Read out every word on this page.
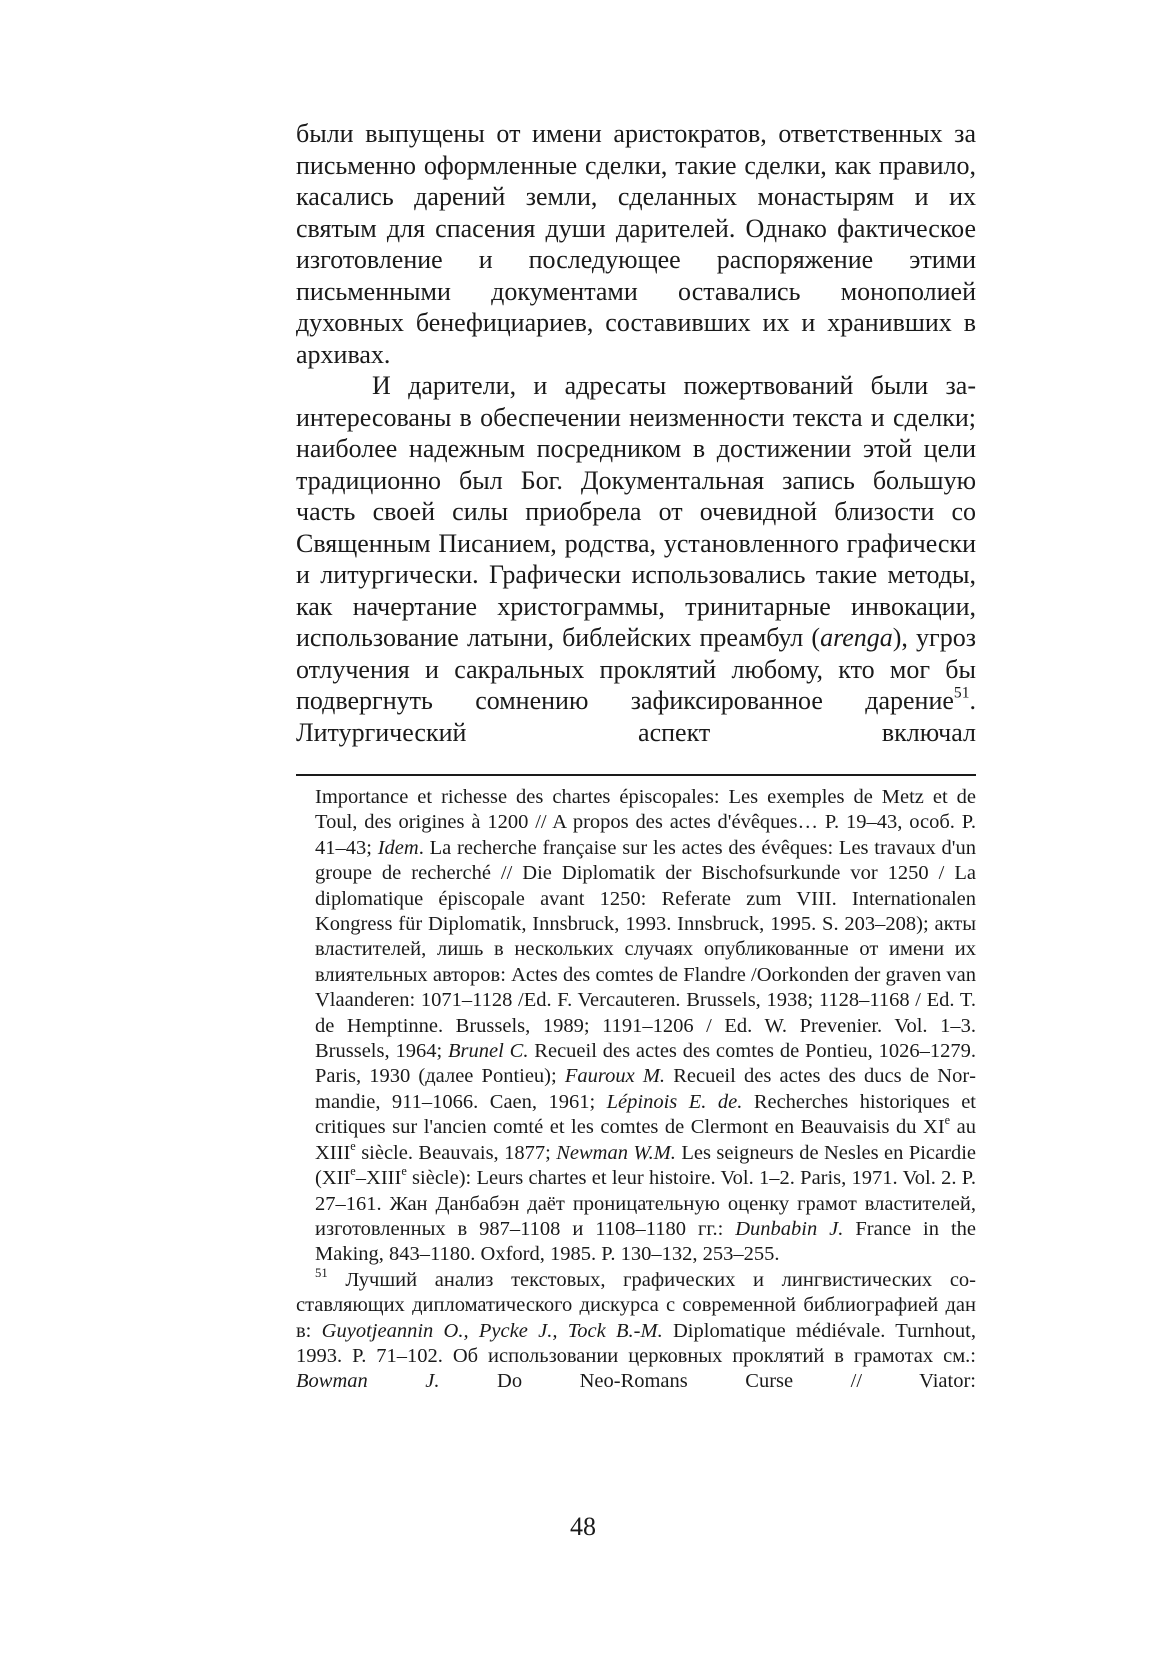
были выпущены от имени аристократов, ответственных за письменно оформленные сделки, такие сделки, как правило, касались дарений земли, сделанных монастырям и их святым для спасения души дарителей. Однако фактическое изготовление и последующее распоряжение этими письменными документами оставались монополией духовных бенефициариев, составивших их и хранивших в архивах.

И дарители, и адресаты пожертвований были заинтересованы в обеспечении неизменности текста и сделки; наиболее надежным посредником в достижении этой цели традиционно был Бог. Документальная запись большую часть своей силы приобрела от очевидной близости со Священным Писанием, родства, установленного графически и литургически. Графически использовались такие методы, как начертание христограммы, тринитарные инвокации, использование латыни, библейских преамбул (arenga), угроз отлучения и сакральных проклятий любому, кто мог бы подвергнуть сомнению зафиксированное дарение$^{51}$. Литургический аспект включал

Importance et richesse des chartes épiscopales: Les exemples de Metz et de Toul, des origines à 1200 // A propos des actes d'évêques… P. 19–43, особ. P. 41–43; Idem. La recherche française sur les actes des évêques: Les travaux d'un groupe de recherché // Die Diplomatik der Bischofsurkunde vor 1250 / La diplomatique épiscopale avant 1250: Referate zum VIII. Internationalen Kongress für Diplomatik, Innsbruck, 1993. Innsbruck, 1995. S. 203–208); акты властителей, лишь в нескольких случаях опубликованные от имени их влиятельных авторов: Actes des comtes de Flandre /Oorkonden der graven van Vlaanderen: 1071–1128 /Ed. F. Vercauteren. Brussels, 1938; 1128–1168 / Ed. T. de Hemptinne. Brussels, 1989; 1191–1206 / Ed. W. Prevenier. Vol. 1–3. Brussels, 1964; Brunel C. Recueil des actes des comtes de Pontieu, 1026–1279. Paris, 1930 (далее Pontieu); Fauroux M. Recueil des actes des ducs de Normandie, 911–1066. Caen, 1961; Lépinois E. de. Recherches historiques et critiques sur l'ancien comté et les comtes de Clermont en Beauvaisis du XIe au XIIIe siècle. Beauvais, 1877; Newman W.M. Les seigneurs de Nesles en Picardie (XIIe–XIIIe siècle): Leurs chartes et leur histoire. Vol. 1–2. Paris, 1971. Vol. 2. P. 27–161. Жан Данбабэн даёт проницательную оценку грамот властителей, изготовленных в 987–1108 и 1108–1180 гг.: Dunbabin J. France in the Making, 843–1180. Oxford, 1985. P. 130–132, 253–255.

$^{51}$ Лучший анализ текстовых, графических и лингвистических составляющих дипломатического дискурса с современной библиографией дан в: Guyotjeannin O., Pycke J., Tock B.-M. Diplomatique médiévale. Turnhout, 1993. P. 71–102. Об использовании церковных проклятий в грамотах см.: Bowman J. Do Neo-Romans Curse // Viator:

48
